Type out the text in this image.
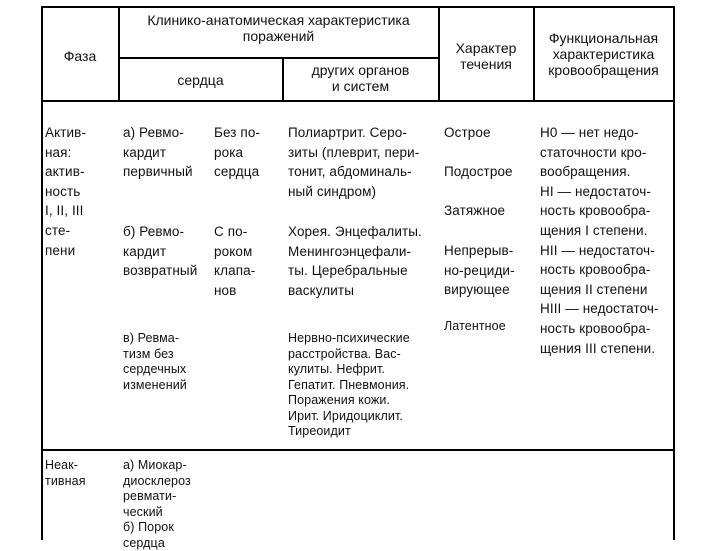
Фаза
Клинико-анатомическая характеристика
поражений
сердца
других органов
и систем
Характер
течения
Функциональная
характеристика
кровообращения
Актив-
ная:
актив-
ность
I, II, III
сте-
пени
а) Ревмо-
кардит
первичный
Без по-
рока
сердца
Полиартрит. Серо-
зиты (плеврит, пери-
тонит, абдоминаль-
ный синдром)
б) Ревмо-
кардит
возвратный
С по-
роком
клапа-
нов
Хорея. Энцефалиты.
Менингоэнцефали-
ты. Церебральные
васкулиты
в) Ревма-
тизм без
сердечных
изменений
Нервно-психические
расстройства. Вас-
кулиты. Нефрит.
Гепатит. Пневмония.
Поражения кожи.
Ирит. Иридоциклит.
Тиреоидит
Острое
Подострое
Затяжное
Непрерыв-
но-рециди-
вирующее
Латентное
Н0 — нет недо-
статочности кро-
вообращения.
НI — недостаточ-
ность кровообра-
щения I степени.
НII — недостаточ-
ность кровообра-
щения II степени
НIII — недостаточ-
ность кровообра-
щения III степени.
Неак-
тивная
а) Миокар-
диосклероз
ревмати-
ческий
б) Порок
сердца
